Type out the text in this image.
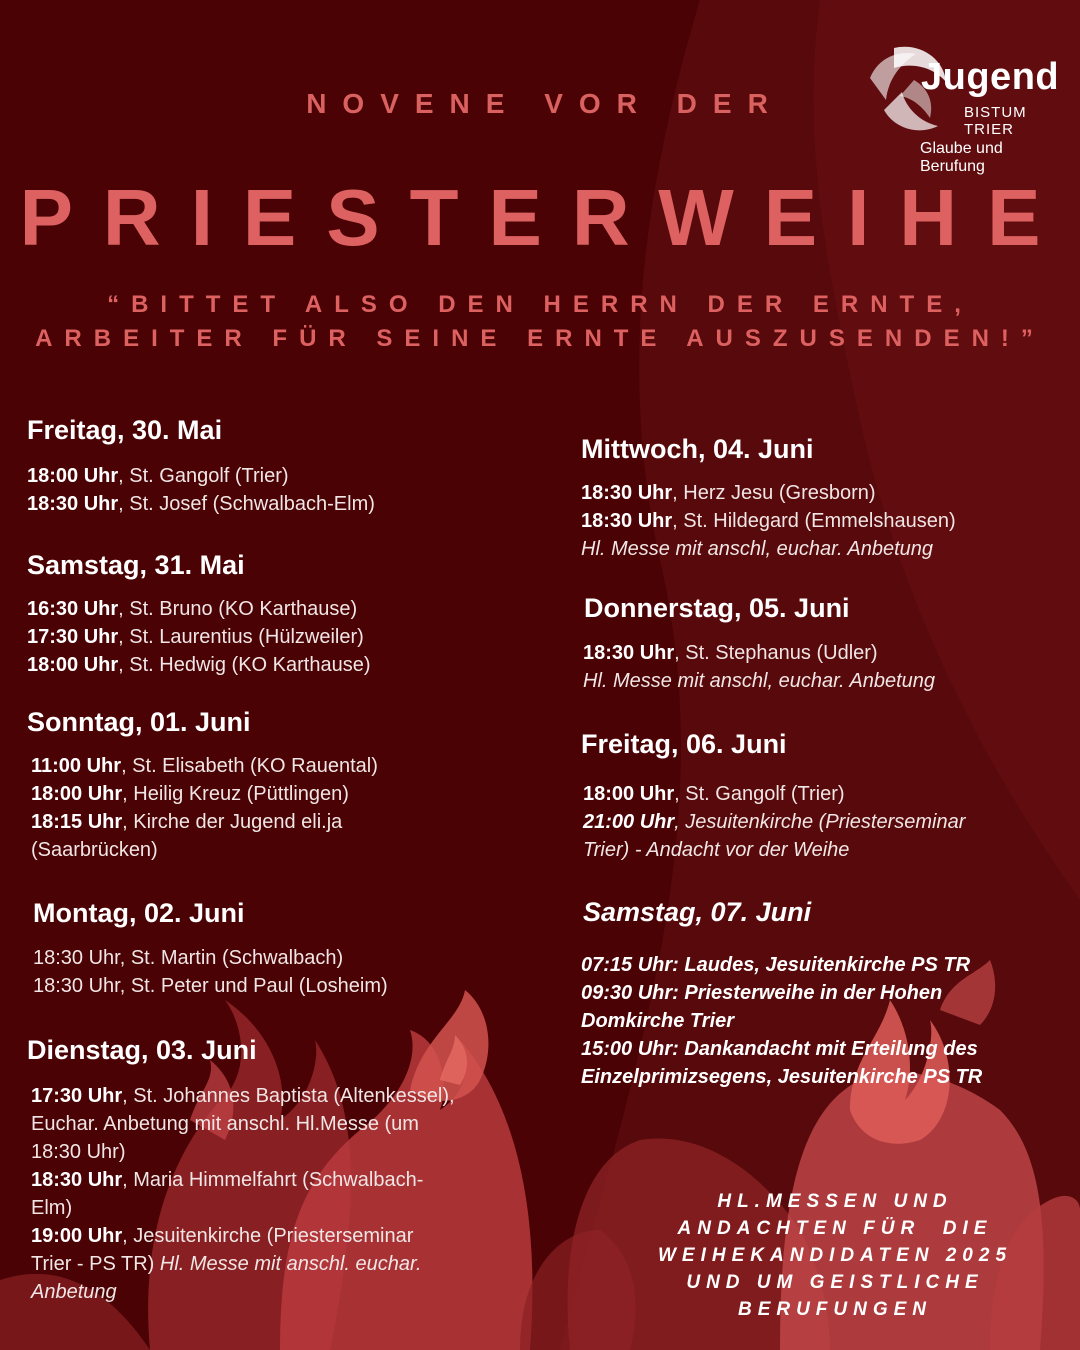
Jugend
BISTUM TRIER
Glaube und Berufung
NOVENE VOR DER
PRIESTERWEIHE
“BITTET ALSO DEN HERRN DER ERNTE,
ARBEITER FÜR SEINE ERNTE AUSZUSENDEN!”
Freitag, 30. Mai
18:00 Uhr, St. Gangolf (Trier)
18:30 Uhr, St. Josef (Schwalbach-Elm)
Samstag, 31. Mai
16:30 Uhr, St. Bruno (KO Karthause)
17:30 Uhr, St. Laurentius (Hülzweiler)
18:00 Uhr, St. Hedwig (KO Karthause)
Sonntag, 01. Juni
11:00 Uhr, St. Elisabeth (KO Rauental)
18:00 Uhr, Heilig Kreuz (Püttlingen)
18:15 Uhr, Kirche der Jugend eli.ja
(Saarbrücken)
Montag, 02. Juni
18:30 Uhr, St. Martin (Schwalbach)
18:30 Uhr, St. Peter und Paul (Losheim)
Dienstag, 03. Juni
17:30 Uhr, St. Johannes Baptista (Altenkessel),
Euchar. Anbetung mit anschl. Hl.Messe (um
18:30 Uhr)
18:30 Uhr, Maria Himmelfahrt (Schwalbach-
Elm)
19:00 Uhr, Jesuitenkirche (Priesterseminar
Trier - PS TR) Hl. Messe mit anschl. euchar.
Anbetung
Mittwoch, 04. Juni
18:30 Uhr, Herz Jesu (Gresborn)
18:30 Uhr, St. Hildegard (Emmelshausen)
Hl. Messe mit anschl, euchar. Anbetung
Donnerstag, 05. Juni
18:30 Uhr, St. Stephanus (Udler)
Hl. Messe mit anschl, euchar. Anbetung
Freitag, 06. Juni
18:00 Uhr, St. Gangolf (Trier)
21:00 Uhr, Jesuitenkirche (Priesterseminar
Trier) - Andacht vor der Weihe
Samstag, 07. Juni
07:15 Uhr: Laudes, Jesuitenkirche PS TR
09:30 Uhr: Priesterweihe in der Hohen
Domkirche Trier
15:00 Uhr: Dankandacht mit Erteilung des
Einzelprimizsegens, Jesuitenkirche PS TR
HL.MESSEN UND
ANDACHTEN FÜR  DIE
WEIHEKANDIDATEN 2025
UND UM GEISTLICHE
BERUFUNGEN
